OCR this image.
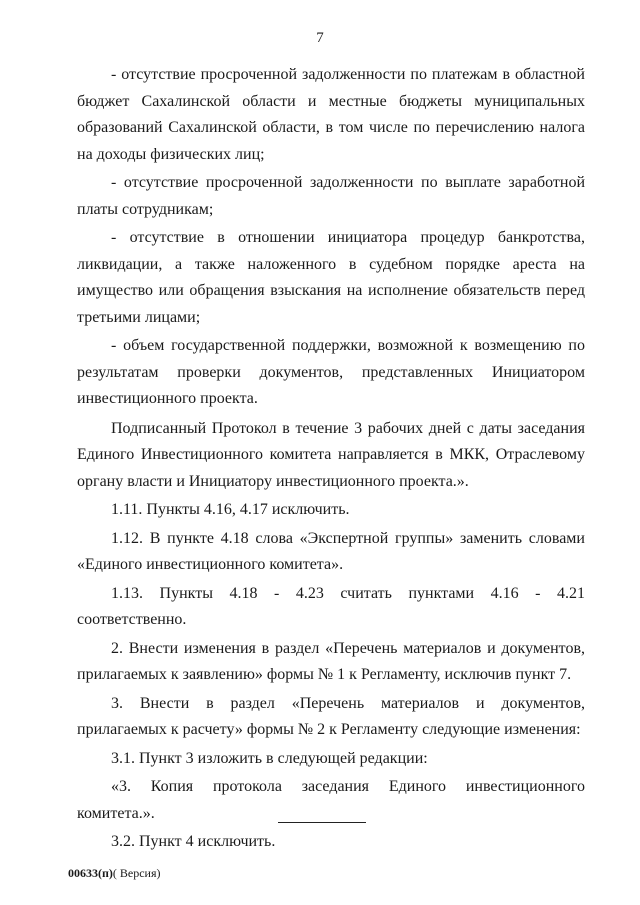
7

- отсутствие просроченной задолженности по платежам в областной бюджет Сахалинской области и местные бюджеты муниципальных образований Сахалинской области, в том числе по перечислению налога на доходы физических лиц;

- отсутствие просроченной задолженности по выплате заработной платы сотрудникам;

- отсутствие в отношении инициатора процедур банкротства, ликвидации, а также наложенного в судебном порядке ареста на имущество или обращения взыскания на исполнение обязательств перед третьими лицами;

- объем государственной поддержки, возможной к возмещению по результатам проверки документов, представленных Инициатором инвестиционного проекта.

Подписанный Протокол в течение 3 рабочих дней с даты заседания Единого Инвестиционного комитета направляется в МКК, Отраслевому органу власти и Инициатору инвестиционного проекта.».

1.11. Пункты 4.16, 4.17 исключить.

1.12. В пункте 4.18 слова «Экспертной группы» заменить словами «Единого инвестиционного комитета».

1.13. Пункты 4.18 - 4.23 считать пунктами 4.16 - 4.21 соответственно.

2. Внести изменения в раздел «Перечень материалов и документов, прилагаемых к заявлению» формы № 1 к Регламенту, исключив пункт 7.

3. Внести в раздел «Перечень материалов и документов, прилагаемых к расчету» формы № 2 к Регламенту следующие изменения:

3.1. Пункт 3 изложить в следующей редакции:

«3. Копия протокола заседания Единого инвестиционного комитета.».

3.2. Пункт 4 исключить.

00633(п)( Версия)
